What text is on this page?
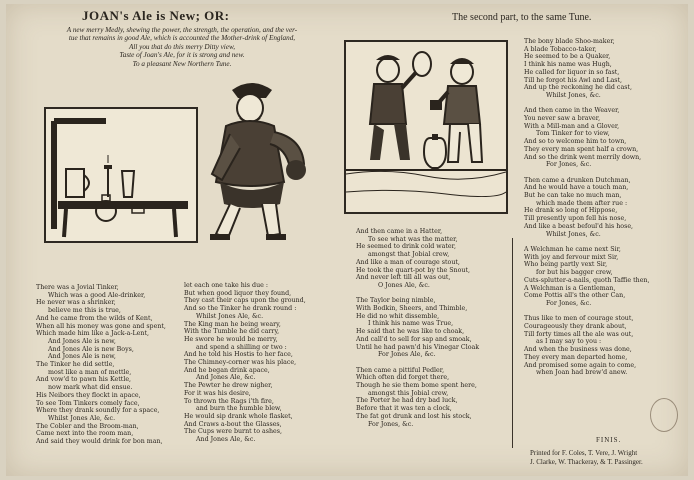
JOAN's Ale is New; OR:	The second part, to the same Tune.
A new merry Medly, shewing the power, the strength, the operation, and the ver-
tue that remains in good Ale, which is accounted the Mother-drink of England,
All you that do this merry Ditty view,
Taste of Joan's Ale, for it is strong and new.
To a pleasant New Northern Tune.
There was a Jovial Tinker,
Which was a good Ale-drinker,
He never was a shrinker,
believe me this is true,
And he came from the wilds of Kent,
When all his money was gone and spent,
Which made him like a Jack-a-Lent,
And Jones Ale is new,
And Jones Ale is new Boys,
And Jones Ale is new,
The Tinker he did settle,
most like a man of mettle,
And vow'd to pawn his Kettle,
now mark what did ensue.
His Neibors they flockt in apace,
To see Tom Tinkers comely face,
Where they drank soundly for a space,
Whilst Jones Ale, &c.
The Cobler and the Broom-man,
Came next into the room man,
And said they would drink for bon man,
let each one take his due :
But when good liquor they found,
They cast their caps upon the ground,
And so the Tinker he drank round :
Whilst Jones Ale, &c.
The King man he being weary,
With the Tumble he did carry,
He swore he would be merry,
and spend a shilling or two :
And he told his Hostis to her face,
The Chimney-corner was his place,
And he began drink apace,
And Jones Ale, &c.
The Pewter he drew nigher,
For it was his desire,
To thrown the Rags i'th fire,
and burn the humble blew,
He would sip drank whole flasket,
And Craws a-bout the Glasses,
The Cups were burnt to ashes,
And Jones Ale, &c.
And then came in a Hatter,
To see what was the matter,
He seemed to drink cold water,
amongst that Jobial crew,
And like a man of courage stout,
He took the quart-pot by the Snout,
And never left till all was out,
O Jones Ale, &c.

The Taylor being nimble,
With Bodkin, Sheers, and Thimble,
He did no whit dissemble,
I think his name was True,
He said that he was like to choak,
And call'd to sell for sap and smoak,
Until he had pawn'd his Vinegar Cloak
For Jones Ale, &c.

Then came a pittiful Pedler,
Which often did forget there,
Though he sie them bome spent here,
amongst this Jobial crew,
The Porter he had dry bad luck,
Before that it was ten a clock,
The fat got drunk and lost his stock,
For Jones, &c.
The bony blade Shoo-maker,
A blade Tobacco-taker,
He seemed to be a Quaker,
I think his name was Hugh,
He called for liquor in so fast,
Till he forgot his Awl and Last,
And up the reckoning he did cast,
Whilst Jones, &c.

And then came in the Weaver,
You never saw a braver,
With a Mill-man and a Glover,
Tom Tinker for to view,
And so to welcome him to town,
They every man spent half a crown,
And so the drink went merrily down,
For Jones, &c.

Then came a drunken Dutchman,
And he would have a touch man,
But he can take no much man,
which made them after rue :
He drank so long of Hippose,
Till presently upon fell his nose,
And like a beast befoul'd his hose,
Whilst Jones, &c.

A Welchman he came next Sir,
With joy and fervour mixt Sir,
Who being partly vext Sir,
for but his bagger crew,
Cuts-splutter-a-nails, quoth Taffie then,
A Welchman is a Gentleman,
Come Pottis all's the other Can,
For Jones, &c.

Thus like to men of courage stout,
Courageously they drank about,
Till forty times all the ale was out,
as I may say to you :
And when the business was done,
They every man departed home,
And promised some again to come,
when Joan had brew'd anew.
FINIS.
Printed for F. Coles, T. Vere, J. Wright
J. Clarke, W. Thackeray, & T. Passinger.
